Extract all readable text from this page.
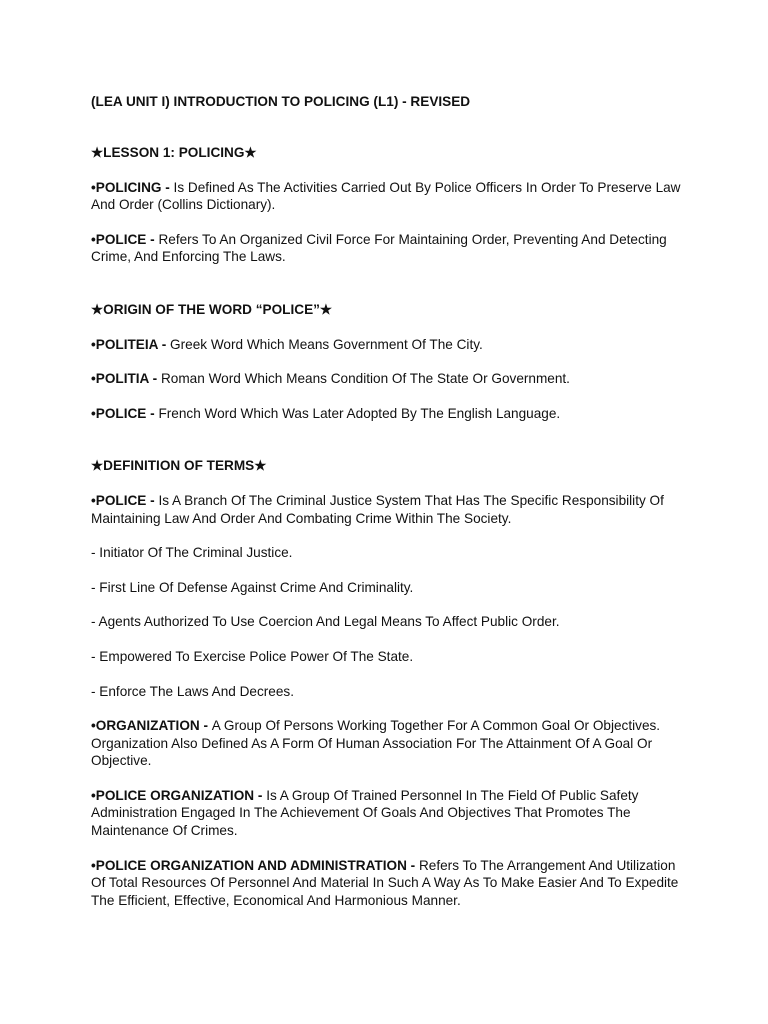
(LEA UNIT I) INTRODUCTION TO POLICING (L1) - REVISED

★LESSON 1: POLICING★

•POLICING - Is Defined As The Activities Carried Out By Police Officers In Order To Preserve Law And Order (Collins Dictionary).

•POLICE - Refers To An Organized Civil Force For Maintaining Order, Preventing And Detecting Crime, And Enforcing The Laws.

★ORIGIN OF THE WORD “POLICE”★

•POLITEIA - Greek Word Which Means Government Of The City.

•POLITIA - Roman Word Which Means Condition Of The State Or Government.

•POLICE - French Word Which Was Later Adopted By The English Language.

★DEFINITION OF TERMS★

•POLICE - Is A Branch Of The Criminal Justice System That Has The Specific Responsibility Of Maintaining Law And Order And Combating Crime Within The Society.

- Initiator Of The Criminal Justice.

- First Line Of Defense Against Crime And Criminality.

- Agents Authorized To Use Coercion And Legal Means To Affect Public Order.

- Empowered To Exercise Police Power Of The State.

- Enforce The Laws And Decrees.

•ORGANIZATION - A Group Of Persons Working Together For A Common Goal Or Objectives. Organization Also Defined As A Form Of Human Association For The Attainment Of A Goal Or Objective.

•POLICE ORGANIZATION - Is A Group Of Trained Personnel In The Field Of Public Safety Administration Engaged In The Achievement Of Goals And Objectives That Promotes The Maintenance Of Crimes.

•POLICE ORGANIZATION AND ADMINISTRATION - Refers To The Arrangement And Utilization Of Total Resources Of Personnel And Material In Such A Way As To Make Easier And To Expedite The Efficient, Effective, Economical And Harmonious Manner.
